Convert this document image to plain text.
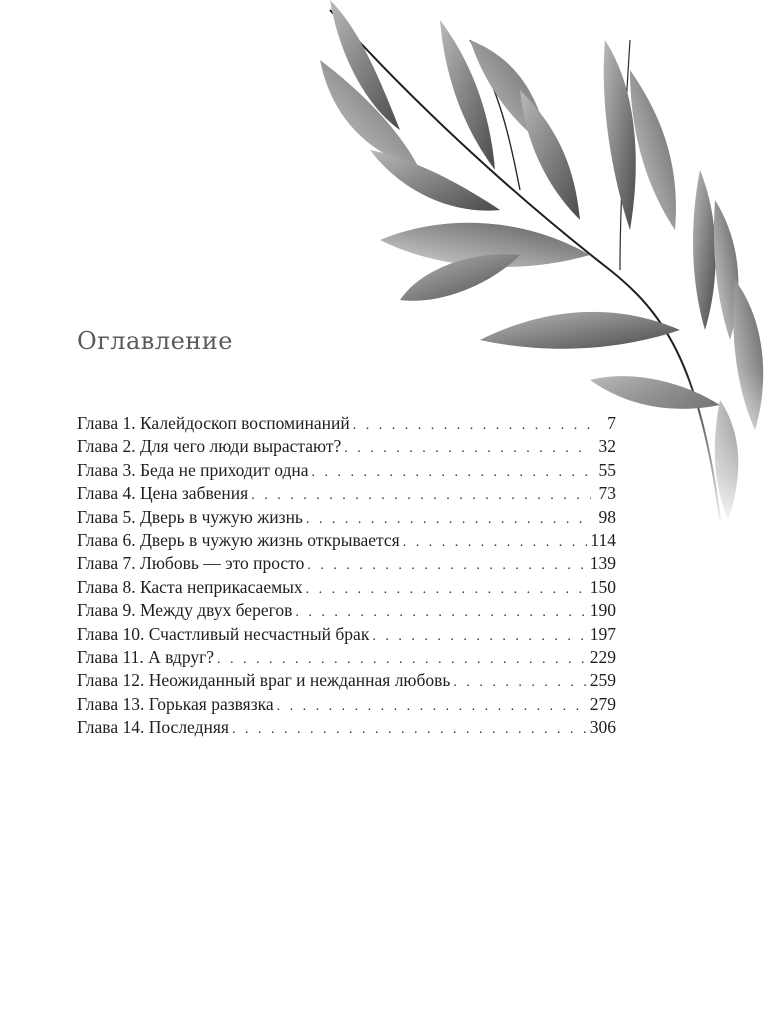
Оглавление
Глава 1. Калейдоскоп воспоминаний . . .	7
Глава 2. Для чего люди вырастают? . . .	32
Глава 3. Беда не приходит одна . . .	55
Глава 4. Цена забвения . . .	73
Глава 5. Дверь в чужую жизнь . . .	98
Глава 6. Дверь в чужую жизнь открывается . . .	114
Глава 7. Любовь — это просто . . .	139
Глава 8. Каста неприкасаемых . . .	150
Глава 9. Между двух берегов . . .	190
Глава 10. Счастливый несчастный брак . . .	197
Глава 11. А вдруг? . . .	229
Глава 12. Неожиданный враг и нежданная любовь . . .	259
Глава 13. Горькая развязка . . .	279
Глава 14. Последняя . . .	306
